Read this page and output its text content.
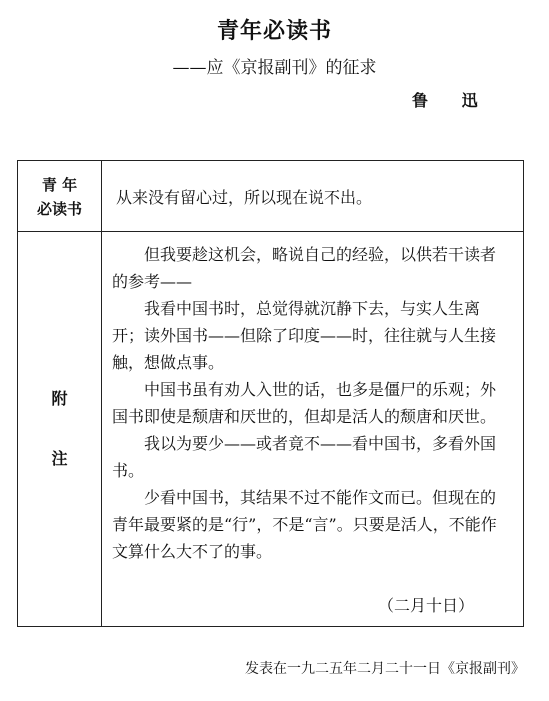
青年必读书
——应《京报副刊》的征求
鲁 迅
青 年
必读书
从来没有留心过，所以现在说不出。
附
注

但我要趁这机会，略说自己的经验，以供若干读者的参考——

我看中国书时，总觉得就沉静下去，与实人生离开；读外国书——但除了印度——时，往往就与人生接触，想做点事。

中国书虽有劝人入世的话，也多是僵尸的乐观；外国书即使是颓唐和厌世的，但却是活人的颓唐和厌世。

我以为要少——或者竟不——看中国书，多看外国书。

少看中国书，其结果不过不能作文而已。但现在的青年最要紧的是“行”，不是“言”。只要是活人，不能作文算什么大不了的事。

（二月十日）
发表在一九二五年二月二十一日《京报副刊》
